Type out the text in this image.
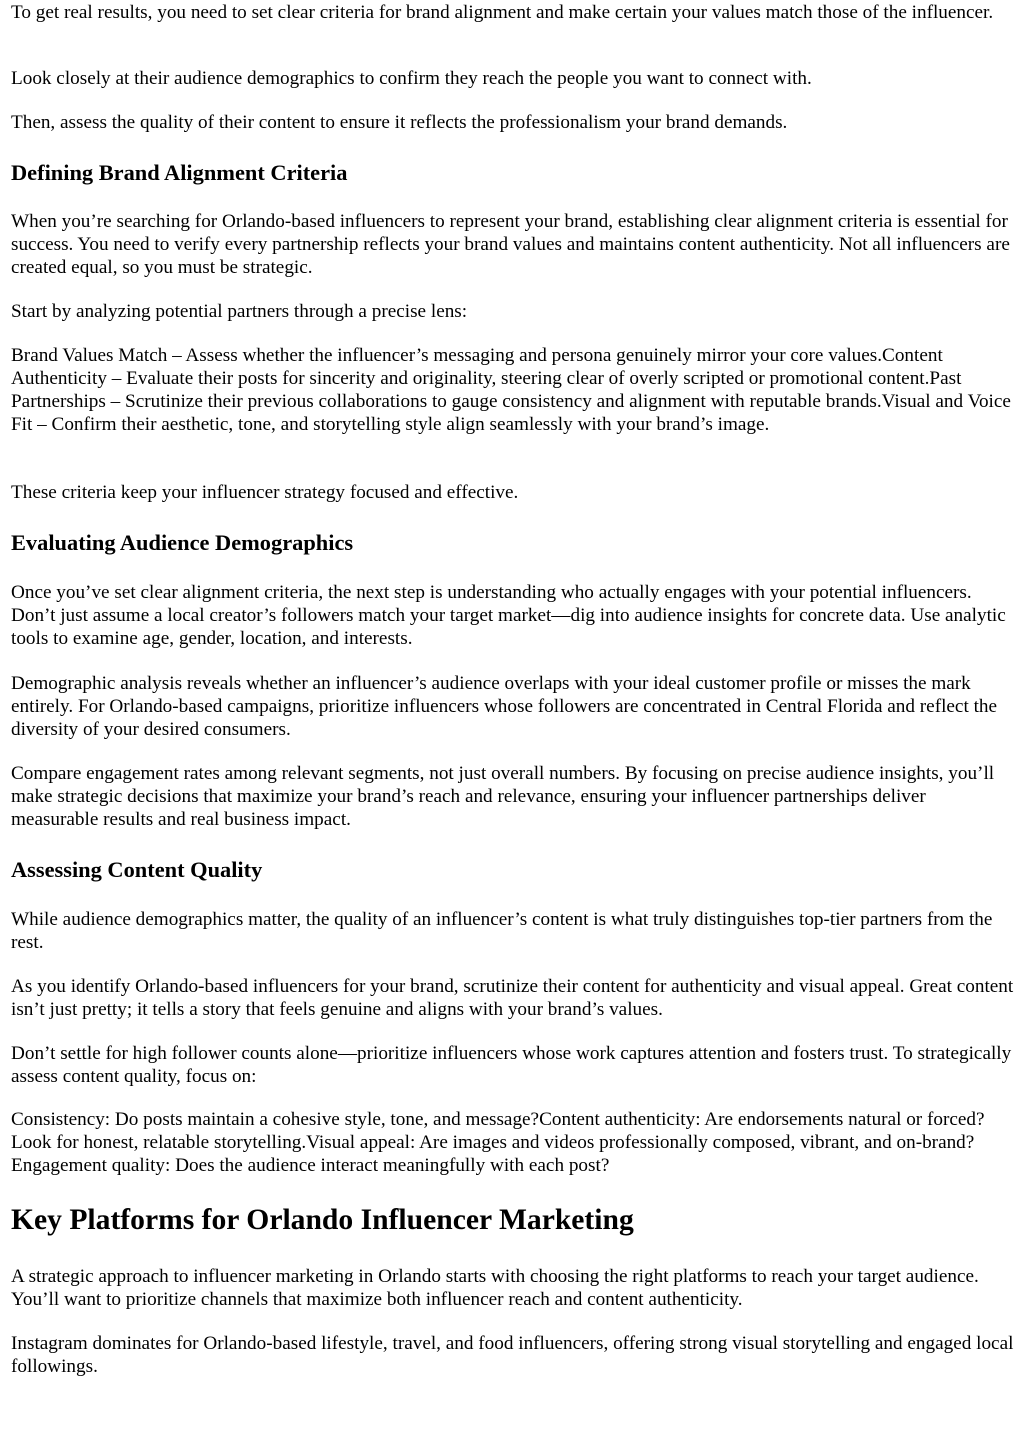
To get real results, you need to set clear criteria for brand alignment and make certain your values match those of the influencer.

Look closely at their audience demographics to confirm they reach the people you want to connect with.

Then, assess the quality of their content to ensure it reflects the professionalism your brand demands.

Defining Brand Alignment Criteria

When you’re searching for Orlando-based influencers to represent your brand, establishing clear alignment criteria is essential for success. You need to verify every partnership reflects your brand values and maintains content authenticity. Not all influencers are created equal, so you must be strategic.

Start by analyzing potential partners through a precise lens:

Brand Values Match – Assess whether the influencer’s messaging and persona genuinely mirror your core values.Content Authenticity – Evaluate their posts for sincerity and originality, steering clear of overly scripted or promotional content.Past Partnerships – Scrutinize their previous collaborations to gauge consistency and alignment with reputable brands.Visual and Voice Fit – Confirm their aesthetic, tone, and storytelling style align seamlessly with your brand’s image.

These criteria keep your influencer strategy focused and effective.

Evaluating Audience Demographics

Once you’ve set clear alignment criteria, the next step is understanding who actually engages with your potential influencers. Don’t just assume a local creator’s followers match your target market—dig into audience insights for concrete data. Use analytic tools to examine age, gender, location, and interests.

Demographic analysis reveals whether an influencer’s audience overlaps with your ideal customer profile or misses the mark entirely. For Orlando-based campaigns, prioritize influencers whose followers are concentrated in Central Florida and reflect the diversity of your desired consumers.

Compare engagement rates among relevant segments, not just overall numbers. By focusing on precise audience insights, you’ll make strategic decisions that maximize your brand’s reach and relevance, ensuring your influencer partnerships deliver measurable results and real business impact.

Assessing Content Quality

While audience demographics matter, the quality of an influencer’s content is what truly distinguishes top-tier partners from the rest.

As you identify Orlando-based influencers for your brand, scrutinize their content for authenticity and visual appeal. Great content isn’t just pretty; it tells a story that feels genuine and aligns with your brand’s values.

Don’t settle for high follower counts alone—prioritize influencers whose work captures attention and fosters trust. To strategically assess content quality, focus on:

Consistency: Do posts maintain a cohesive style, tone, and message?Content authenticity: Are endorsements natural or forced? Look for honest, relatable storytelling.Visual appeal: Are images and videos professionally composed, vibrant, and on-brand?Engagement quality: Does the audience interact meaningfully with each post?

Key Platforms for Orlando Influencer Marketing

A strategic approach to influencer marketing in Orlando starts with choosing the right platforms to reach your target audience. You’ll want to prioritize channels that maximize both influencer reach and content authenticity.

Instagram dominates for Orlando-based lifestyle, travel, and food influencers, offering strong visual storytelling and engaged local followings.
